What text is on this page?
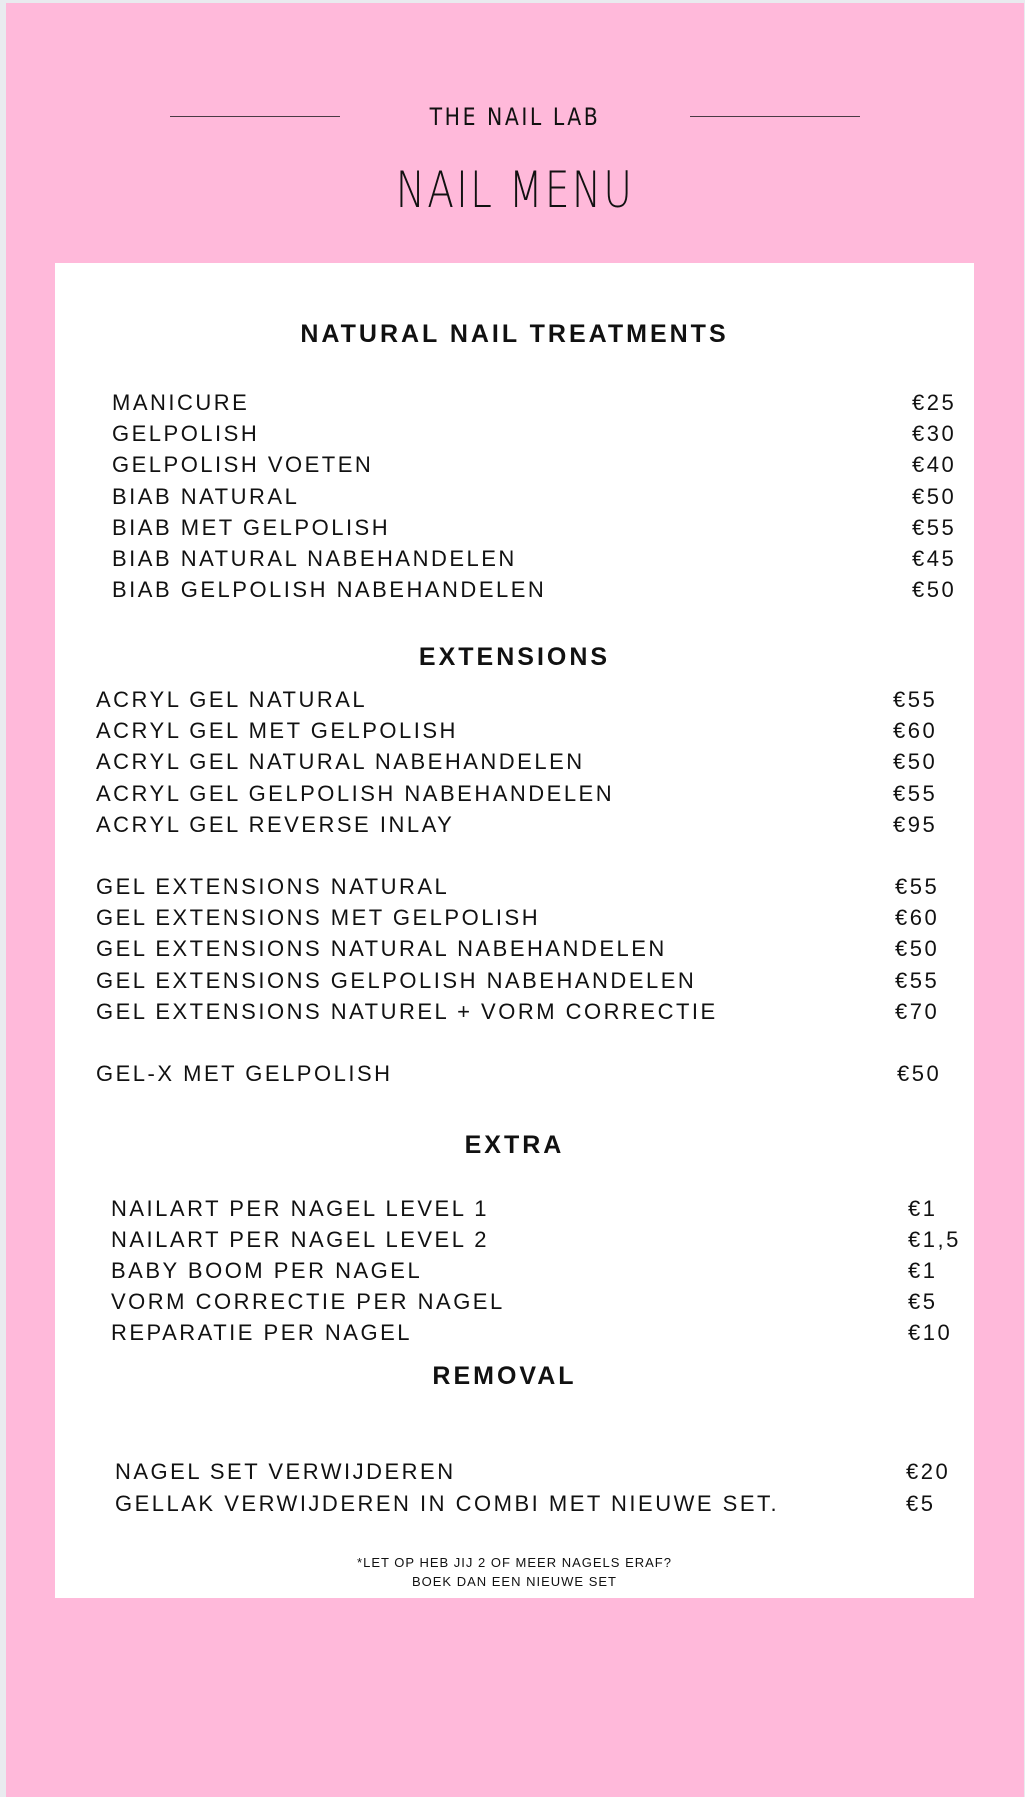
THE NAIL LAB
NAIL MENU
NATURAL NAIL TREATMENTS
MANICURE	€25
GELPOLISH	€30
GELPOLISH VOETEN	€40
BIAB NATURAL	€50
BIAB MET GELPOLISH	€55
BIAB NATURAL NABEHANDELEN	€45
BIAB GELPOLISH NABEHANDELEN	€50
EXTENSIONS
ACRYL GEL NATURAL	€55
ACRYL GEL MET GELPOLISH	€60
ACRYL GEL NATURAL NABEHANDELEN	€50
ACRYL GEL GELPOLISH NABEHANDELEN	€55
ACRYL GEL REVERSE INLAY	€95
GEL EXTENSIONS NATURAL	€55
GEL EXTENSIONS MET GELPOLISH	€60
GEL EXTENSIONS NATURAL NABEHANDELEN	€50
GEL EXTENSIONS GELPOLISH NABEHANDELEN	€55
GEL EXTENSIONS NATUREL + VORM CORRECTIE	€70
GEL-X MET GELPOLISH	€50
EXTRA
NAILART PER NAGEL LEVEL 1	€1
NAILART PER NAGEL LEVEL 2	€1,5
BABY BOOM PER NAGEL	€1
VORM CORRECTIE PER NAGEL	€5
REPARATIE PER NAGEL	€10
REMOVAL
NAGEL SET VERWIJDEREN	€20
GELLAK VERWIJDEREN IN COMBI MET NIEUWE SET.	€5
*LET OP HEB JIJ 2 OF MEER NAGELS ERAF?
BOEK DAN EEN NIEUWE SET
